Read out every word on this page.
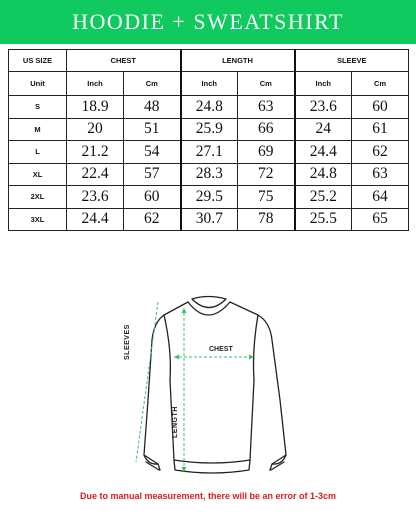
HOODIE + SWEATSHIRT
US SIZE	CHEST		LENGTH		SLEEVE	
Unit	Inch	Cm	Inch	Cm	Inch	Cm
S	18.9	48	24.8	63	23.6	60
M	20	51	25.9	66	24	61
L	21.2	54	27.1	69	24.4	62
XL	22.4	57	28.3	72	24.8	63
2XL	23.6	60	29.5	75	25.2	64
3XL	24.4	62	30.7	78	25.5	65
CHEST
SLEEVES
LENGTH
Due to manual measurement, there will be an error of 1-3cm
